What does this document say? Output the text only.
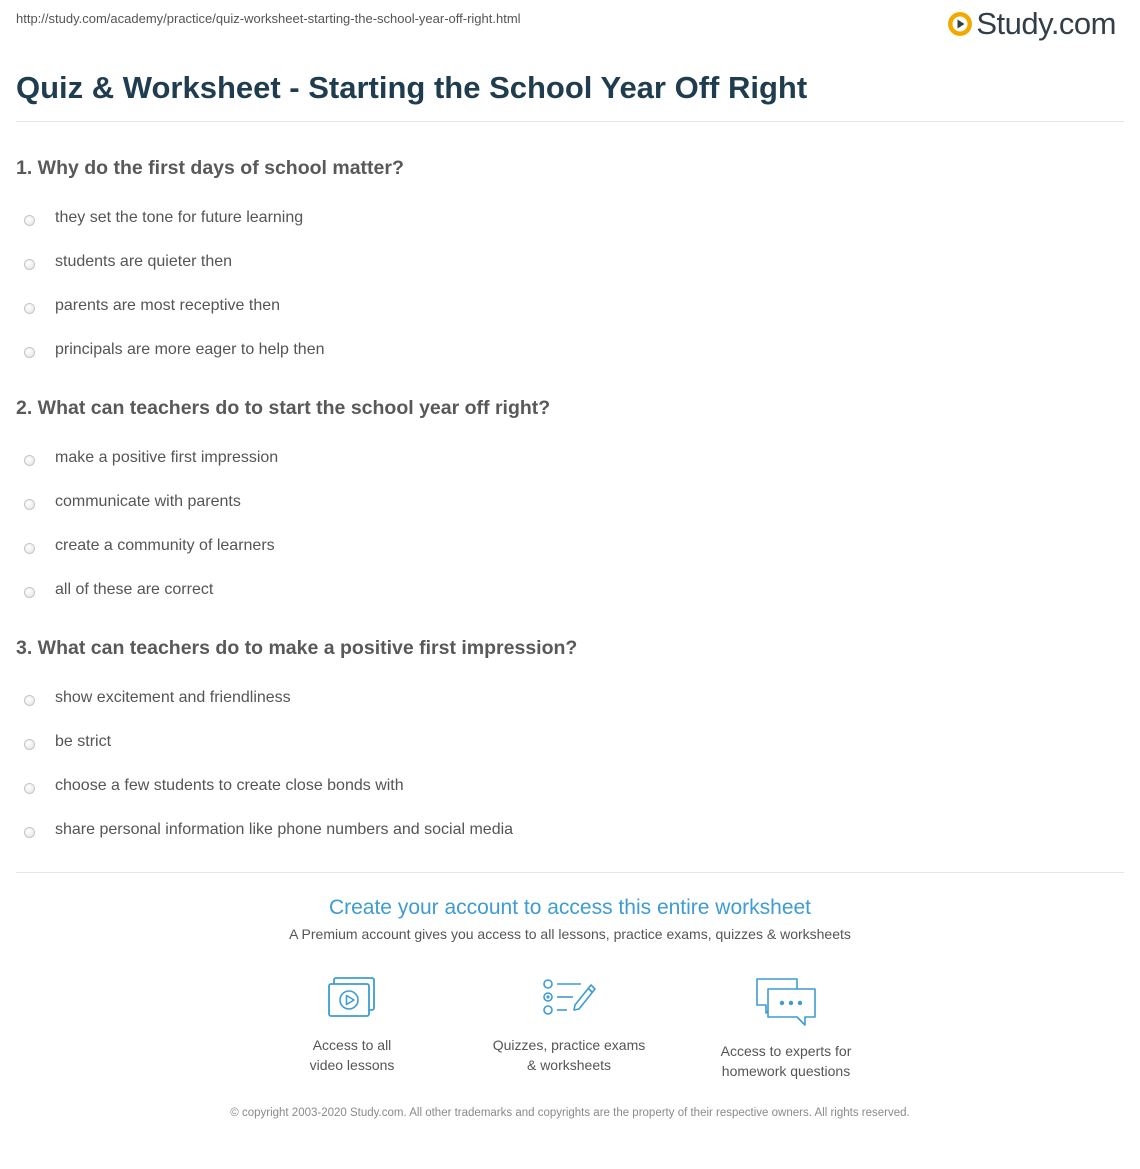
http://study.com/academy/practice/quiz-worksheet-starting-the-school-year-off-right.html	Study.com
Quiz & Worksheet - Starting the School Year Off Right
1. Why do the first days of school matter?
they set the tone for future learning
students are quieter then
parents are most receptive then
principals are more eager to help then
2. What can teachers do to start the school year off right?
make a positive first impression
communicate with parents
create a community of learners
all of these are correct
3. What can teachers do to make a positive first impression?
show excitement and friendliness
be strict
choose a few students to create close bonds with
share personal information like phone numbers and social media
Create your account to access this entire worksheet
A Premium account gives you access to all lessons, practice exams, quizzes & worksheets
Access to all
video lessons
Quizzes, practice exams
& worksheets
Access to experts for
homework questions
© copyright 2003-2020 Study.com. All other trademarks and copyrights are the property of their respective owners. All rights reserved.
